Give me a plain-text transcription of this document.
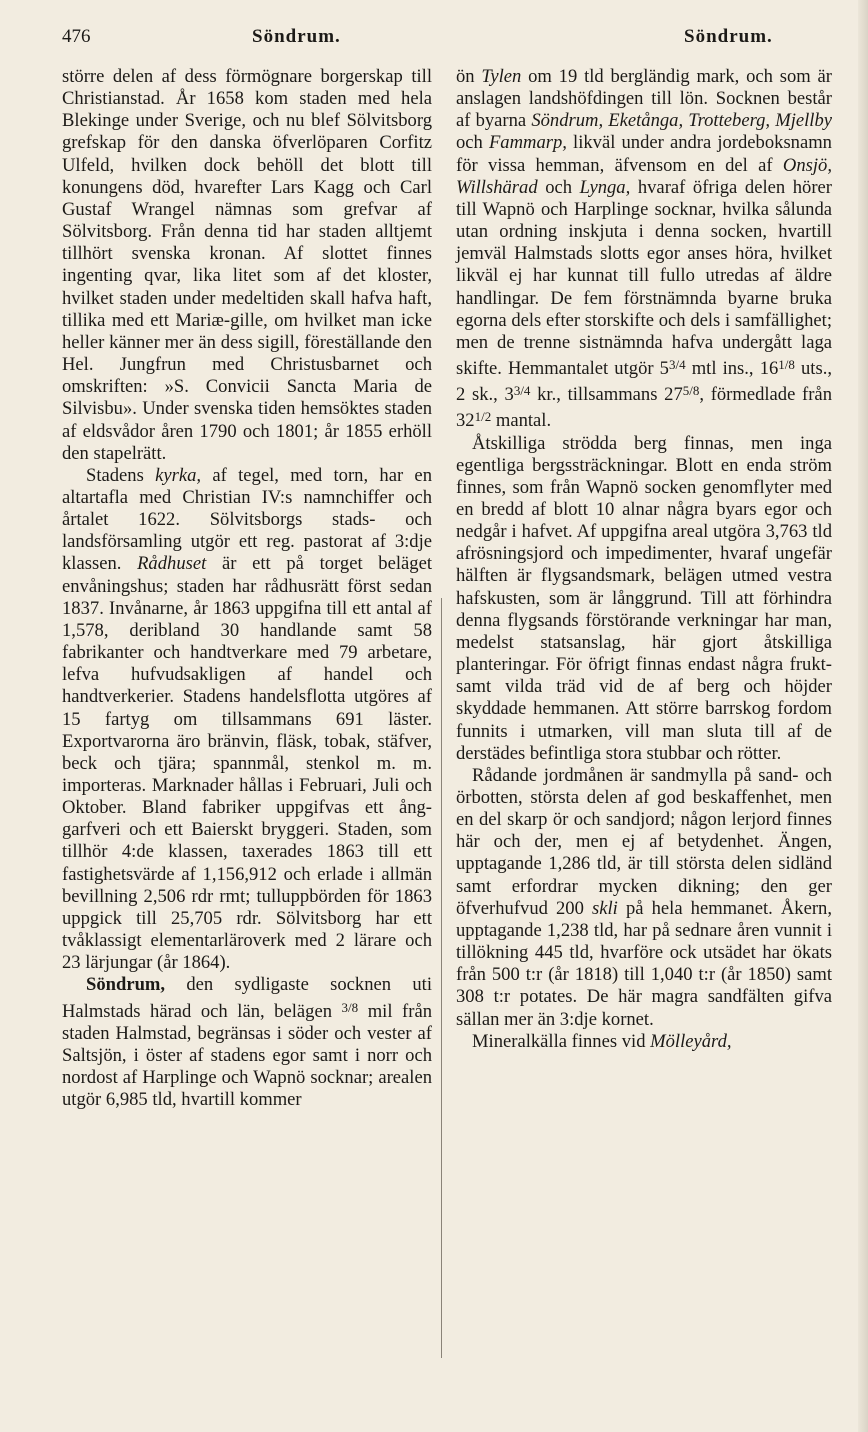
476	Söndrum.	Söndrum.

större delen af dess förmögnare borgerskap till Christianstad. År 1658 kom staden med hela Blekinge under Sverige, och nu blef Sölvitsborg grefskap för den danska öfverlöparen Corfitz Ulfeld, hvilken dock behöll det blott till konungens död, hvarefter Lars Kagg och Carl Gustaf Wrangel nämnas som grefvar af Sölvitsborg. Från denna tid har staden alltjemt tillhört svenska kronan. Af slottet finnes ingenting qvar, lika litet som af det kloster, hvilket staden under medeltiden skall hafva haft, tillika med ett Mariæ-gille, om hvilket man icke heller känner mer än dess sigill, föreställande den Hel. Jungfrun med Christusbarnet och omskriften: »S. Convicii Sancta Maria de Silvisbu». Under svenska tiden hemsöktes staden af eldsvådor åren 1790 och 1801; år 1855 erhöll den stapelrätt.

Stadens kyrka, af tegel, med torn, har en altartafla med Christian IV:s namnchiffer och årtalet 1622. Sölvitsborgs stads- och landsförsamling utgör ett reg. pastorat af 3:dje klassen. Rådhuset är ett på torget beläget envåningshus; staden har rådhusrätt först sedan 1837. Invånarne, år 1863 uppgifna till ett antal af 1,578, deribland 30 handlande samt 58 fabrikanter och handtverkare med 79 arbetare, lefva hufvudsakligen af handel och handtverkerier. Stadens handelsflotta utgöres af 15 fartyg om tillsammans 691 läster. Exportvarorna äro bränvin, fläsk, tobak, stäfver, beck och tjära; spannmål, stenkol m. m. importeras. Marknader hållas i Februari, Juli och Oktober. Bland fabriker uppgifvas ett ång-garfveri och ett Baierskt bryggeri. Staden, som tillhör 4:de klassen, taxerades 1863 till ett fastighetsvärde af 1,156,912 och erlade i allmän bevillning 2,506 rdr rmt; tulluppbörden för 1863 uppgick till 25,705 rdr. Sölvitsborg har ett tvåklassigt elementarläroverk med 2 lärare och 23 lärjungar (år 1864).

Söndrum, den sydligaste socknen uti Halmstads härad och län, belägen $^{3/8}$ mil från staden Halmstad, begränsas i söder och vester af Saltsjön, i öster af stadens egor samt i norr och nordost af Harplinge och Wapnö socknar; arealen utgör 6,985 tld, hvartill kommer

ön Tylen om 19 tld bergländig mark, och som är anslagen landshöfdingen till lön. Socknen består af byarna Söndrum, Eketånga, Trotteberg, Mjellby och Fammarp, likväl under andra jordeboksnamn för vissa hemman, äfvensom en del af Onsjö, Willshärad och Lynga, hvaraf öfriga delen hörer till Wapnö och Harplinge socknar, hvilka sålunda utan ordning inskjuta i denna socken, hvartill jemväl Halmstads slotts egor anses höra, hvilket likväl ej har kunnat till fullo utredas af äldre handlingar. De fem förstnämnda byarne bruka egorna dels efter storskifte och dels i samfällighet; men de trenne sistnämnda hafva undergått laga skifte. Hemmantalet utgör $5^{3/4}$ mtl ins., $16^{1/8}$ uts., 2 sk., $3^{3/4}$ kr., tillsammans $27^{5/8}$, förmedlade från $32^{1/2}$ mantal.

Åtskilliga strödda berg finnas, men inga egentliga bergssträckningar. Blott en enda ström finnes, som från Wapnö socken genomflyter med en bredd af blott 10 alnar några byars egor och nedgår i hafvet. Af uppgifna areal utgöra 3,763 tld afrösningsjord och impedimenter, hvaraf ungefär hälften är flygsandsmark, belägen utmed vestra hafskusten, som är långgrund. Till att förhindra denna flygsands förstörande verkningar har man, medelst statsanslag, här gjort åtskilliga planteringar. För öfrigt finnas endast några frukt- samt vilda träd vid de af berg och höjder skyddade hemmanen. Att större barrskog fordom funnits i utmarken, vill man sluta till af de derstädes befintliga stora stubbar och rötter.

Rådande jordmånen är sandmylla på sand- och örbotten, största delen af god beskaffenhet, men en del skarp ör och sandjord; någon lerjord finnes här och der, men ej af betydenhet. Ängen, upptagande 1,286 tld, är till största delen sidländ samt erfordrar mycken dikning; den ger öfverhufvud 200 skli på hela hemmanet. Åkern, upptagande 1,238 tld, har på sednare åren vunnit i tillökning 445 tld, hvarföre ock utsädet har ökats från 500 t:r (år 1818) till 1,040 t:r (år 1850) samt 308 t:r potates. De här magra sandfälten gifva sällan mer än 3:dje kornet.

Mineralkälla finnes vid Mölleyård,
